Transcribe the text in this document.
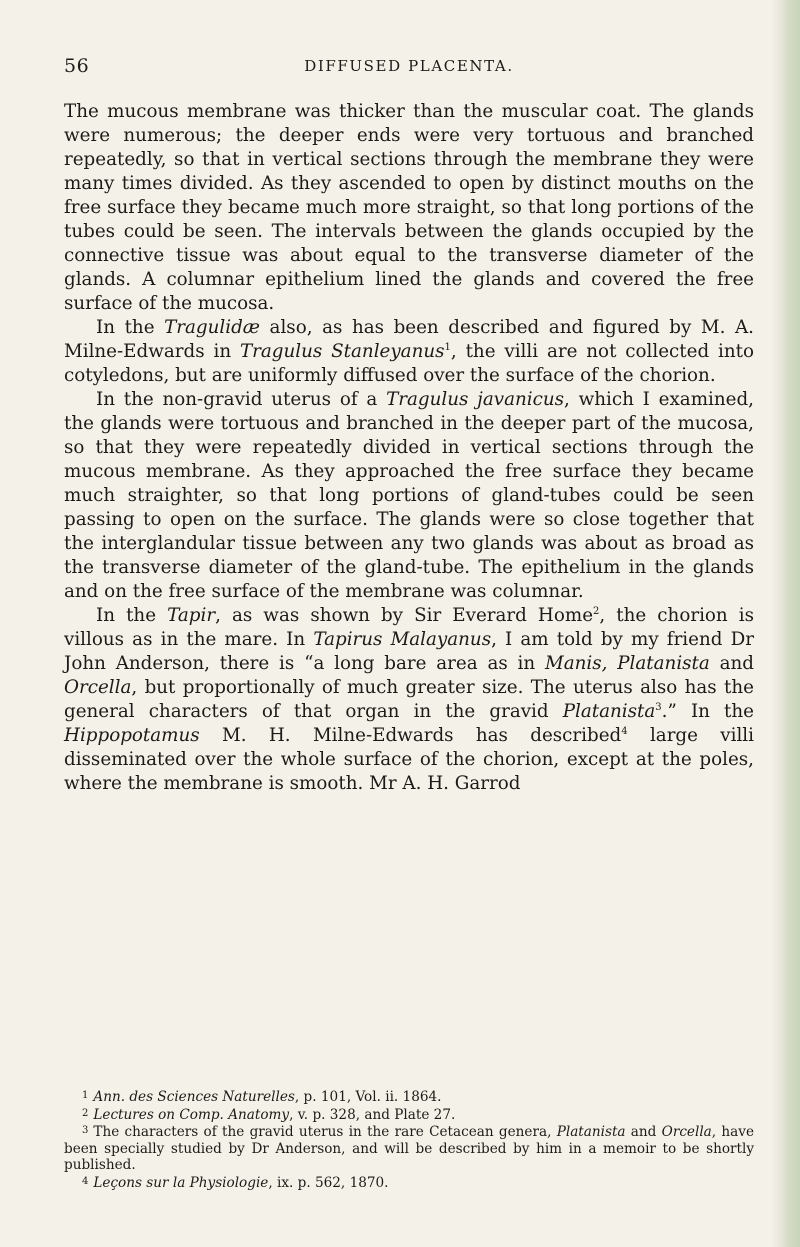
56	DIFFUSED PLACENTA.

The mucous membrane was thicker than the muscular coat. The glands were numerous; the deeper ends were very tortuous and branched repeatedly, so that in vertical sections through the membrane they were many times divided. As they ascended to open by distinct mouths on the free surface they became much more straight, so that long portions of the tubes could be seen. The intervals between the glands occupied by the connective tissue was about equal to the transverse diameter of the glands. A columnar epithelium lined the glands and covered the free surface of the mucosa.

In the Tragulidæ also, as has been described and figured by M. A. Milne-Edwards in Tragulus Stanleyanus$^1$, the villi are not collected into cotyledons, but are uniformly diffused over the surface of the chorion.

In the non-gravid uterus of a Tragulus javanicus, which I examined, the glands were tortuous and branched in the deeper part of the mucosa, so that they were repeatedly divided in vertical sections through the mucous membrane. As they approached the free surface they became much straighter, so that long portions of gland-tubes could be seen passing to open on the surface. The glands were so close together that the interglandular tissue between any two glands was about as broad as the transverse diameter of the gland-tube. The epithelium in the glands and on the free surface of the membrane was columnar.

In the Tapir, as was shown by Sir Everard Home$^2$, the chorion is villous as in the mare. In Tapirus Malayanus, I am told by my friend Dr John Anderson, there is “a long bare area as in Manis, Platanista and Orcella, but proportionally of much greater size. The uterus also has the general characters of that organ in the gravid Platanista$^3$.” In the Hippopotamus M. H. Milne-Edwards has described$^4$ large villi disseminated over the whole surface of the chorion, except at the poles, where the membrane is smooth. Mr A. H. Garrod

$^1$ Ann. des Sciences Naturelles, p. 101, Vol. ii. 1864.

$^2$ Lectures on Comp. Anatomy, v. p. 328, and Plate 27.

$^3$ The characters of the gravid uterus in the rare Cetacean genera, Platanista and Orcella, have been specially studied by Dr Anderson, and will be described by him in a memoir to be shortly published.

$^4$ Leçons sur la Physiologie, ix. p. 562, 1870.
